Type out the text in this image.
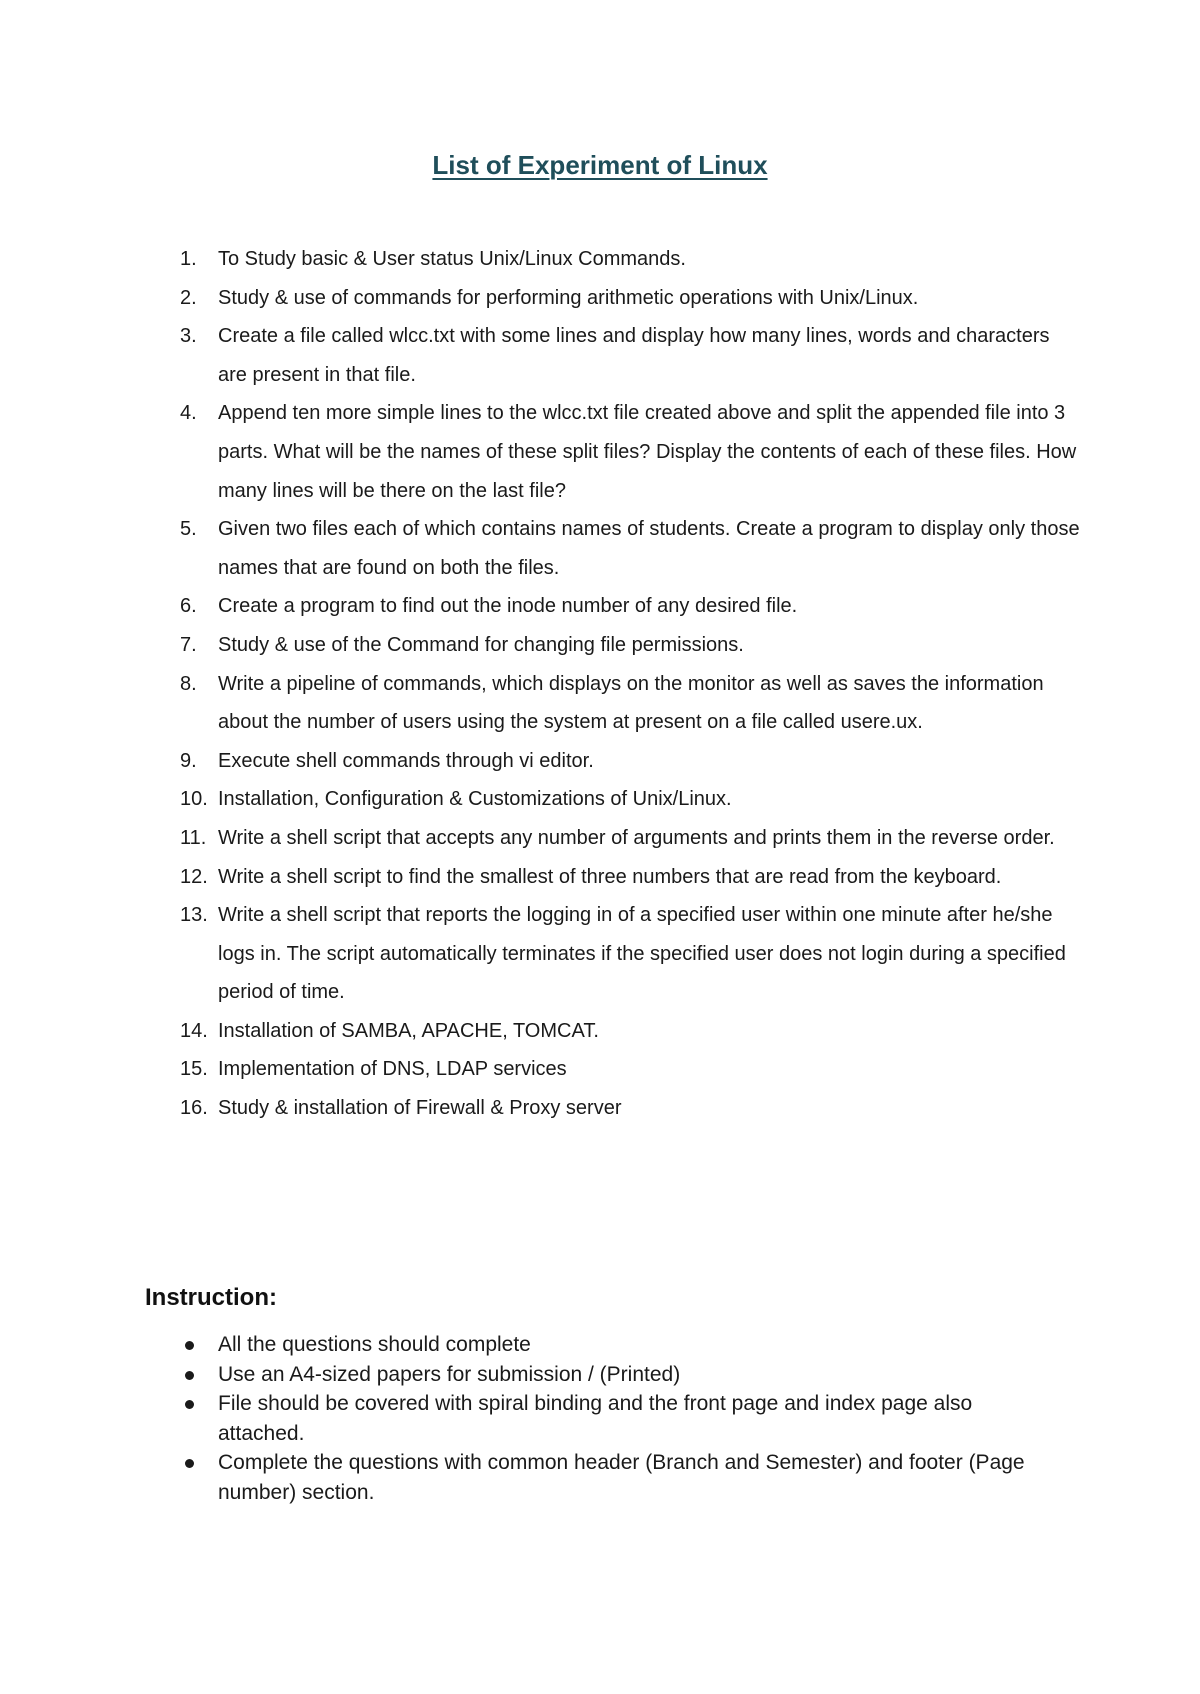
List of Experiment of Linux
1.	To Study basic & User status Unix/Linux Commands.
2.	Study & use of commands for performing arithmetic operations with Unix/Linux.
3.	Create a file called wlcc.txt with some lines and display how many lines, words and characters are present in that file.
4.	Append ten more simple lines to the wlcc.txt file created above and split the appended file into 3 parts. What will be the names of these split files? Display the contents of each of these files. How many lines will be there on the last file?
5.	Given two files each of which contains names of students. Create a program to display only those names that are found on both the files.
6.	Create a program to find out the inode number of any desired file.
7.	Study & use of the Command for changing file permissions.
8.	Write a pipeline of commands, which displays on the monitor as well as saves the information about the number of users using the system at present on a file called usere.ux.
9.	Execute shell commands through vi editor.
10. Installation, Configuration & Customizations of Unix/Linux.
11. Write a shell script that accepts any number of arguments and prints them in the reverse order.
12. Write a shell script to find the smallest of three numbers that are read from the keyboard.
13. Write a shell script that reports the logging in of a specified user within one minute after he/she logs in. The script automatically terminates if the specified user does not login during a specified period of time.
14. Installation of SAMBA, APACHE, TOMCAT.
15. Implementation of DNS, LDAP services
16. Study & installation of Firewall & Proxy server
Instruction:
All the questions should complete
Use an A4-sized papers for submission / (Printed)
File should be covered with spiral binding and the front page and index page also attached.
Complete the questions with common header (Branch and Semester) and footer (Page number) section.
